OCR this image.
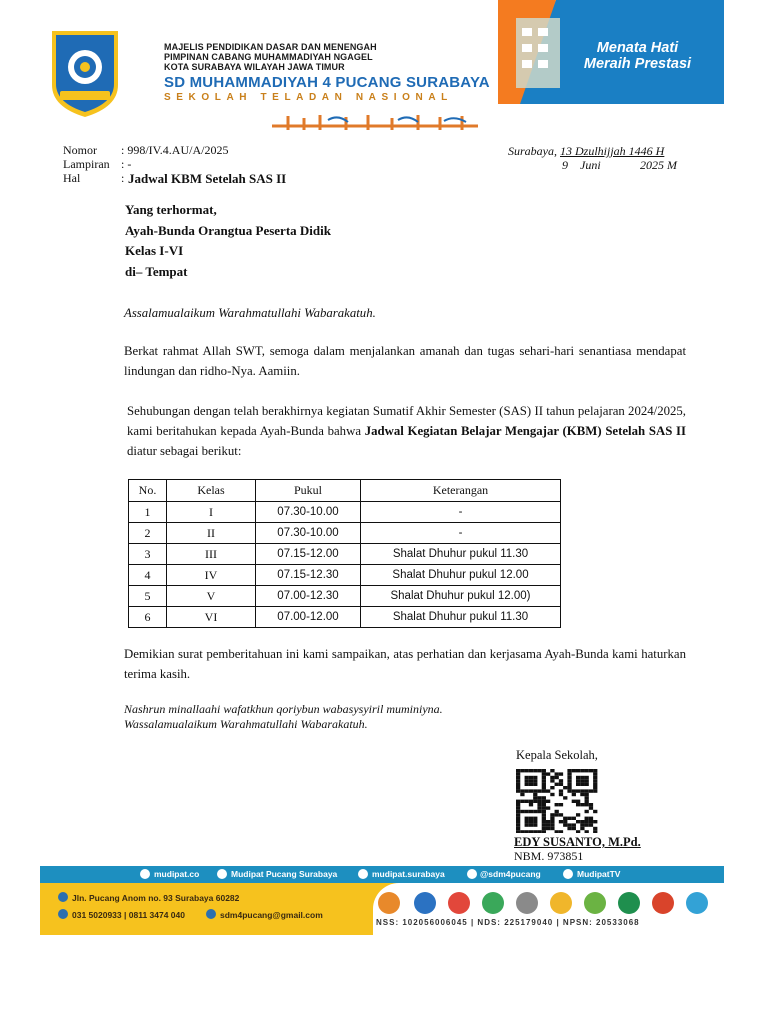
MAJELIS PENDIDIKAN DASAR DAN MENENGAH
PIMPINAN CABANG MUHAMMADIYAH NGAGEL
KOTA SURABAYA WILAYAH JAWA TIMUR
SD MUHAMMADIYAH 4 PUCANG SURABAYA
SEKOLAH TELADAN NASIONAL
Menata Hati
Meraih Prestasi
Nomor	: 998/IV.4.AU/A/2025
Lampiran : -
Hal	: Jadwal KBM Setelah SAS II
Surabaya, 13 Dzulhijjah 1446 H
9 Juni	2025 M
Yang terhormat,
Ayah-Bunda Orangtua Peserta Didik
Kelas I-VI
di– Tempat
Assalamualaikum Warahmatullahi Wabarakatuh.
Berkat rahmat Allah SWT, semoga dalam menjalankan amanah dan tugas sehari-hari senantiasa mendapat lindungan dan ridho-Nya. Aamiin.
Sehubungan dengan telah berakhirnya kegiatan Sumatif Akhir Semester (SAS) II tahun pelajaran 2024/2025, kami beritahukan kepada Ayah-Bunda bahwa Jadwal Kegiatan Belajar Mengajar (KBM) Setelah SAS II diatur sebagai berikut:
No.	Kelas	Pukul	Keterangan
1	I	07.30-10.00	-
2	II	07.30-10.00	-
3	III	07.15-12.00	Shalat Dhuhur pukul 11.30
4	IV	07.15-12.30	Shalat Dhuhur pukul 12.00
5	V	07.00-12.30	Shalat Dhuhur pukul 12.00)
6	VI	07.00-12.00	Shalat Dhuhur pukul 11.30
Demikian surat pemberitahuan ini kami sampaikan, atas perhatian dan kerjasama Ayah-Bunda kami haturkan terima kasih.
Nashrun minallaahi wafatkhun qoriybun wabasysyiril muminiyna.
Wassalamualaikum Warahmatullahi Wabarakatuh.
Kepala Sekolah,
EDY SUSANTO, M.Pd.
NBM. 973851
mudipat.co	Mudipat Pucang Surabaya	mudipat.surabaya	@sdm4pucang	MudipatTV
Jln. Pucang Anom no. 93 Surabaya 60282
031 5020933 | 0811 3474 040	sdm4pucang@gmail.com
NSS: 102056006045 | NDS: 225179040 | NPSN: 20533068
